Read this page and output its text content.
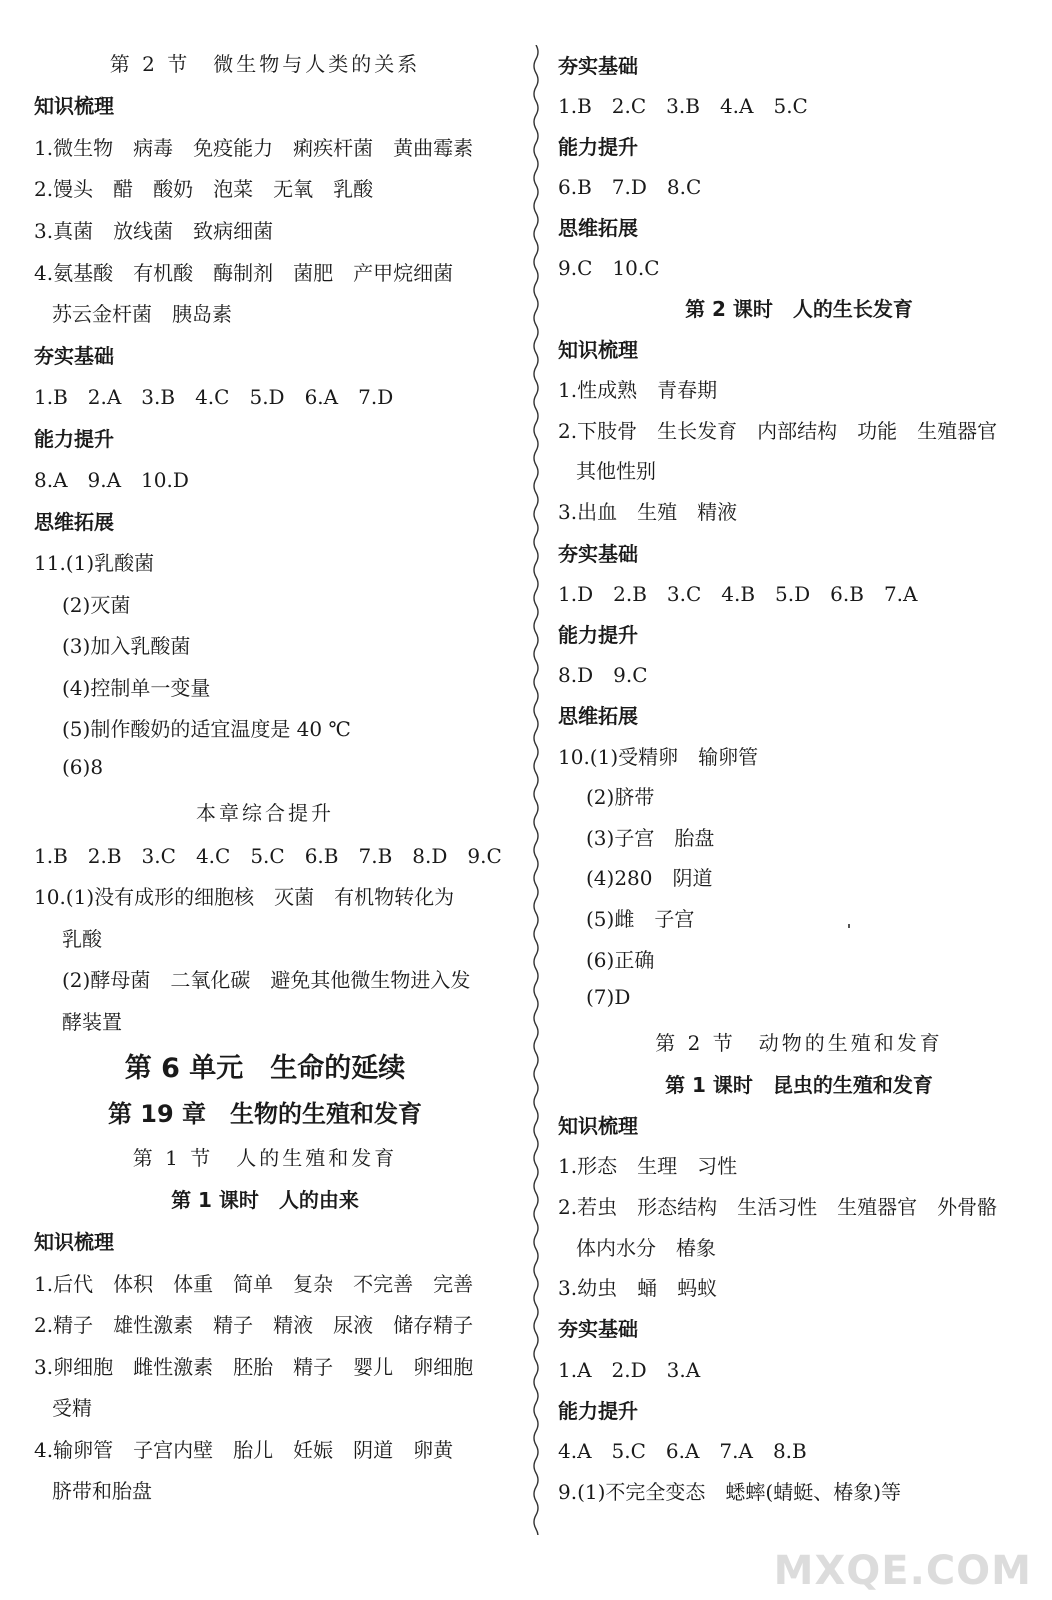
第 2 节　微生物与人类的关系
知识梳理
1.微生物　病毒　免疫能力　痢疾杆菌　黄曲霉素
2.馒头　醋　酸奶　泡菜　无氧　乳酸
3.真菌　放线菌　致病细菌
4.氨基酸　有机酸　酶制剂　菌肥　产甲烷细菌
苏云金杆菌　胰岛素
夯实基础
1.B　2.A　3.B　4.C　5.D　6.A　7.D
能力提升
8.A　9.A　10.D
思维拓展
11.(1)乳酸菌
(2)灭菌
(3)加入乳酸菌
(4)控制单一变量
(5)制作酸奶的适宜温度是 40 ℃
(6)8
本章综合提升
1.B　2.B　3.C　4.C　5.C　6.B　7.B　8.D　9.C
10.(1)没有成形的细胞核　灭菌　有机物转化为
乳酸
(2)酵母菌　二氧化碳　避免其他微生物进入发
酵装置
第 6 单元　生命的延续
第 19 章　生物的生殖和发育
第 1 节　人的生殖和发育
第 1 课时　人的由来
知识梳理
1.后代　体积　体重　简单　复杂　不完善　完善
2.精子　雄性激素　精子　精液　尿液　储存精子
3.卵细胞　雌性激素　胚胎　精子　婴儿　卵细胞
受精
4.输卵管　子宫内壁　胎儿　妊娠　阴道　卵黄
脐带和胎盘
夯实基础
1.B　2.C　3.B　4.A　5.C
能力提升
6.B　7.D　8.C
思维拓展
9.C　10.C
第 2 课时　人的生长发育
知识梳理
1.性成熟　青春期
2.下肢骨　生长发育　内部结构　功能　生殖器官
其他性别
3.出血　生殖　精液
夯实基础
1.D　2.B　3.C　4.B　5.D　6.B　7.A
能力提升
8.D　9.C
思维拓展
10.(1)受精卵　输卵管
(2)脐带
(3)子宫　胎盘
(4)280　阴道
(5)雌　子宫
(6)正确
(7)D
第 2 节　动物的生殖和发育
第 1 课时　昆虫的生殖和发育
知识梳理
1.形态　生理　习性
2.若虫　形态结构　生活习性　生殖器官　外骨骼
体内水分　椿象
3.幼虫　蛹　蚂蚁
夯实基础
1.A　2.D　3.A
能力提升
4.A　5.C　6.A　7.A　8.B
9.(1)不完全变态　蟋蟀(蜻蜓、椿象)等
MXQE.COM
